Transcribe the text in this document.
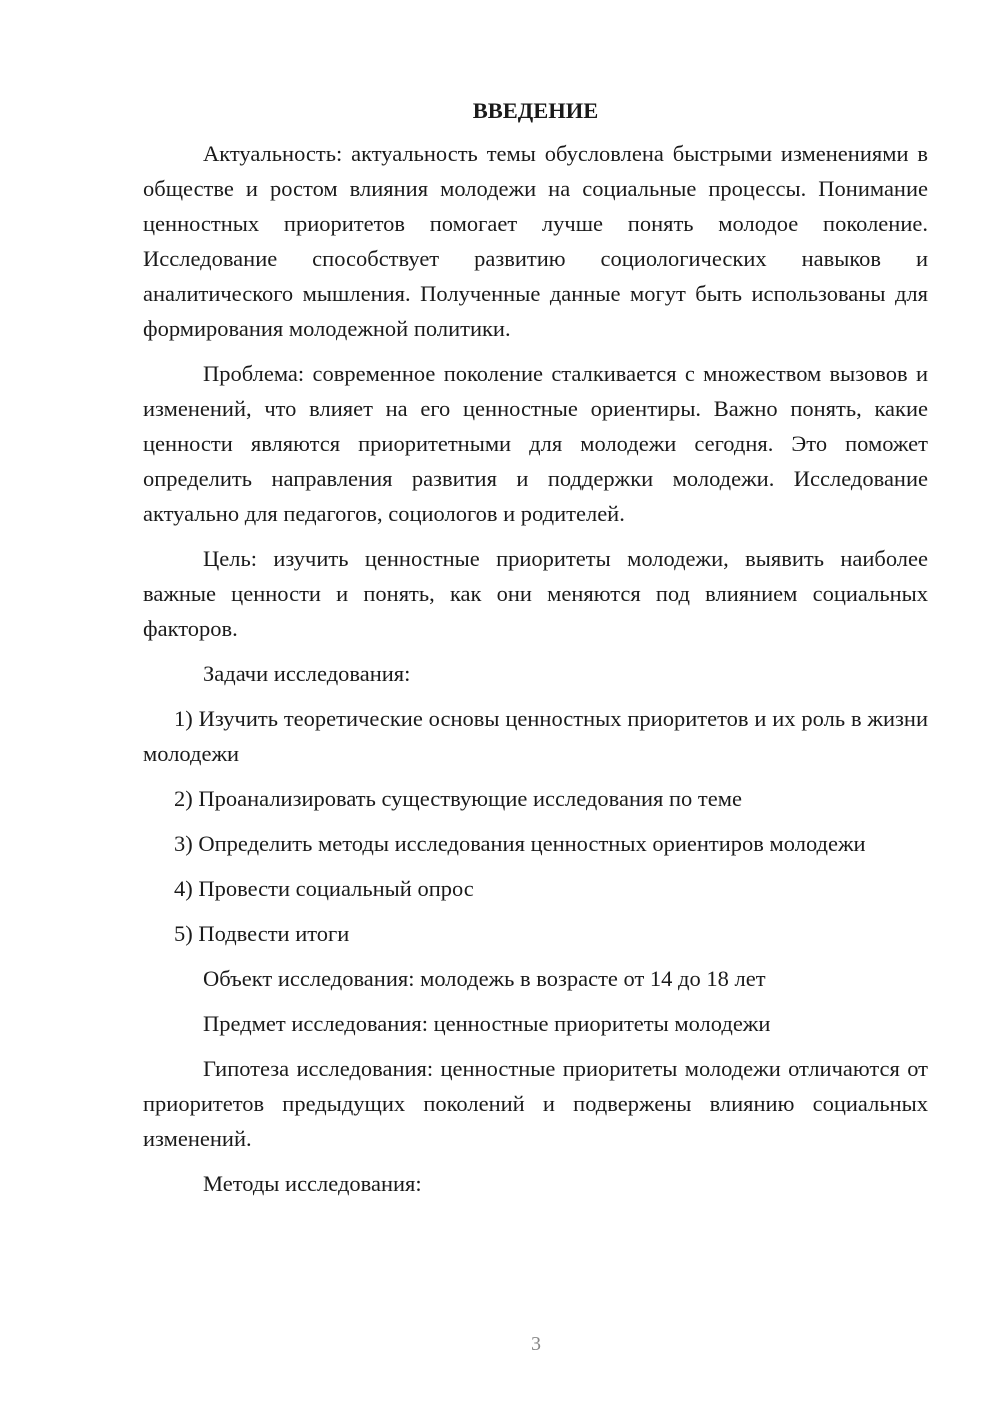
ВВЕДЕНИЕ
Актуальность: актуальность темы обусловлена быстрыми изменениями в обществе и ростом влияния молодежи на социальные процессы. Понимание ценностных приоритетов помогает лучше понять молодое поколение. Исследование способствует развитию социологических навыков и аналитического мышления. Полученные данные могут быть использованы для формирования молодежной политики.
Проблема: современное поколение сталкивается с множеством вызовов и изменений, что влияет на его ценностные ориентиры. Важно понять, какие ценности являются приоритетными для молодежи сегодня. Это поможет определить направления развития и поддержки молодежи. Исследование актуально для педагогов, социологов и родителей.
Цель: изучить ценностные приоритеты молодежи, выявить наиболее важные ценности и понять, как они меняются под влиянием социальных факторов.
Задачи исследования:
1) Изучить теоретические основы ценностных приоритетов и их роль в жизни молодежи
2) Проанализировать существующие исследования по теме
3) Определить методы исследования ценностных ориентиров молодежи
4) Провести социальный опрос
5) Подвести итоги
Объект исследования: молодежь в возрасте от 14 до 18 лет
Предмет исследования: ценностные приоритеты молодежи
Гипотеза исследования: ценностные приоритеты молодежи отличаются от приоритетов предыдущих поколений и подвержены влиянию социальных изменений.
Методы исследования:
3
